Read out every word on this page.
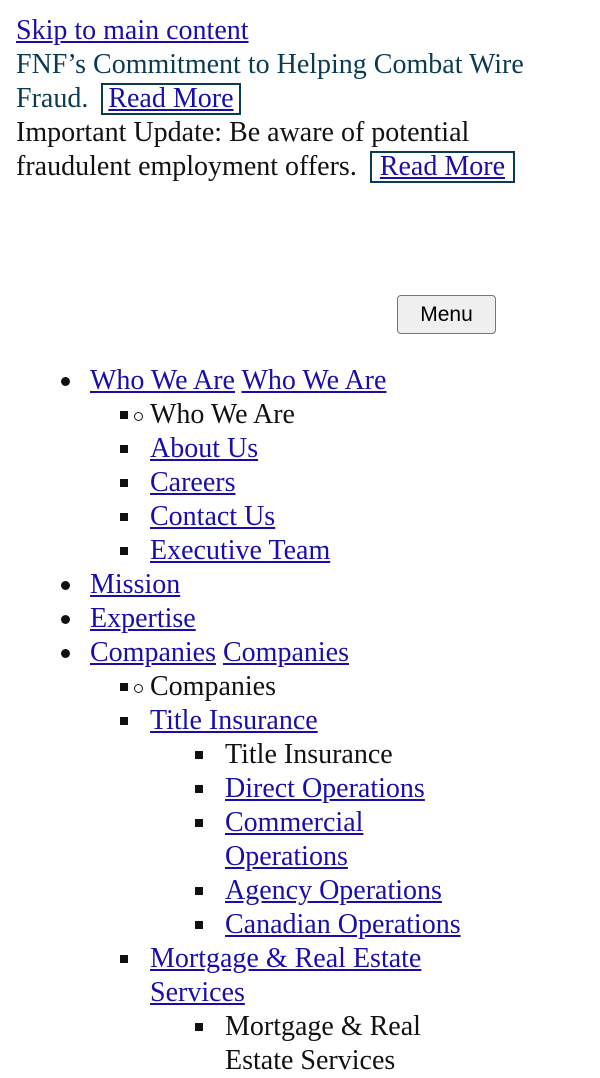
Skip to main content
FNF’s Commitment to Helping Combat Wire Fraud. Read More
Important Update: Be aware of potential fraudulent employment offers. Read More
Menu
Who We Are Who We Are
Who We Are
About Us
Careers
Contact Us
Executive Team
Mission
Expertise
Companies Companies
Companies
Title Insurance
Title Insurance
Direct Operations
Commercial Operations
Agency Operations
Canadian Operations
Mortgage & Real Estate Services
Mortgage & Real Estate Services
